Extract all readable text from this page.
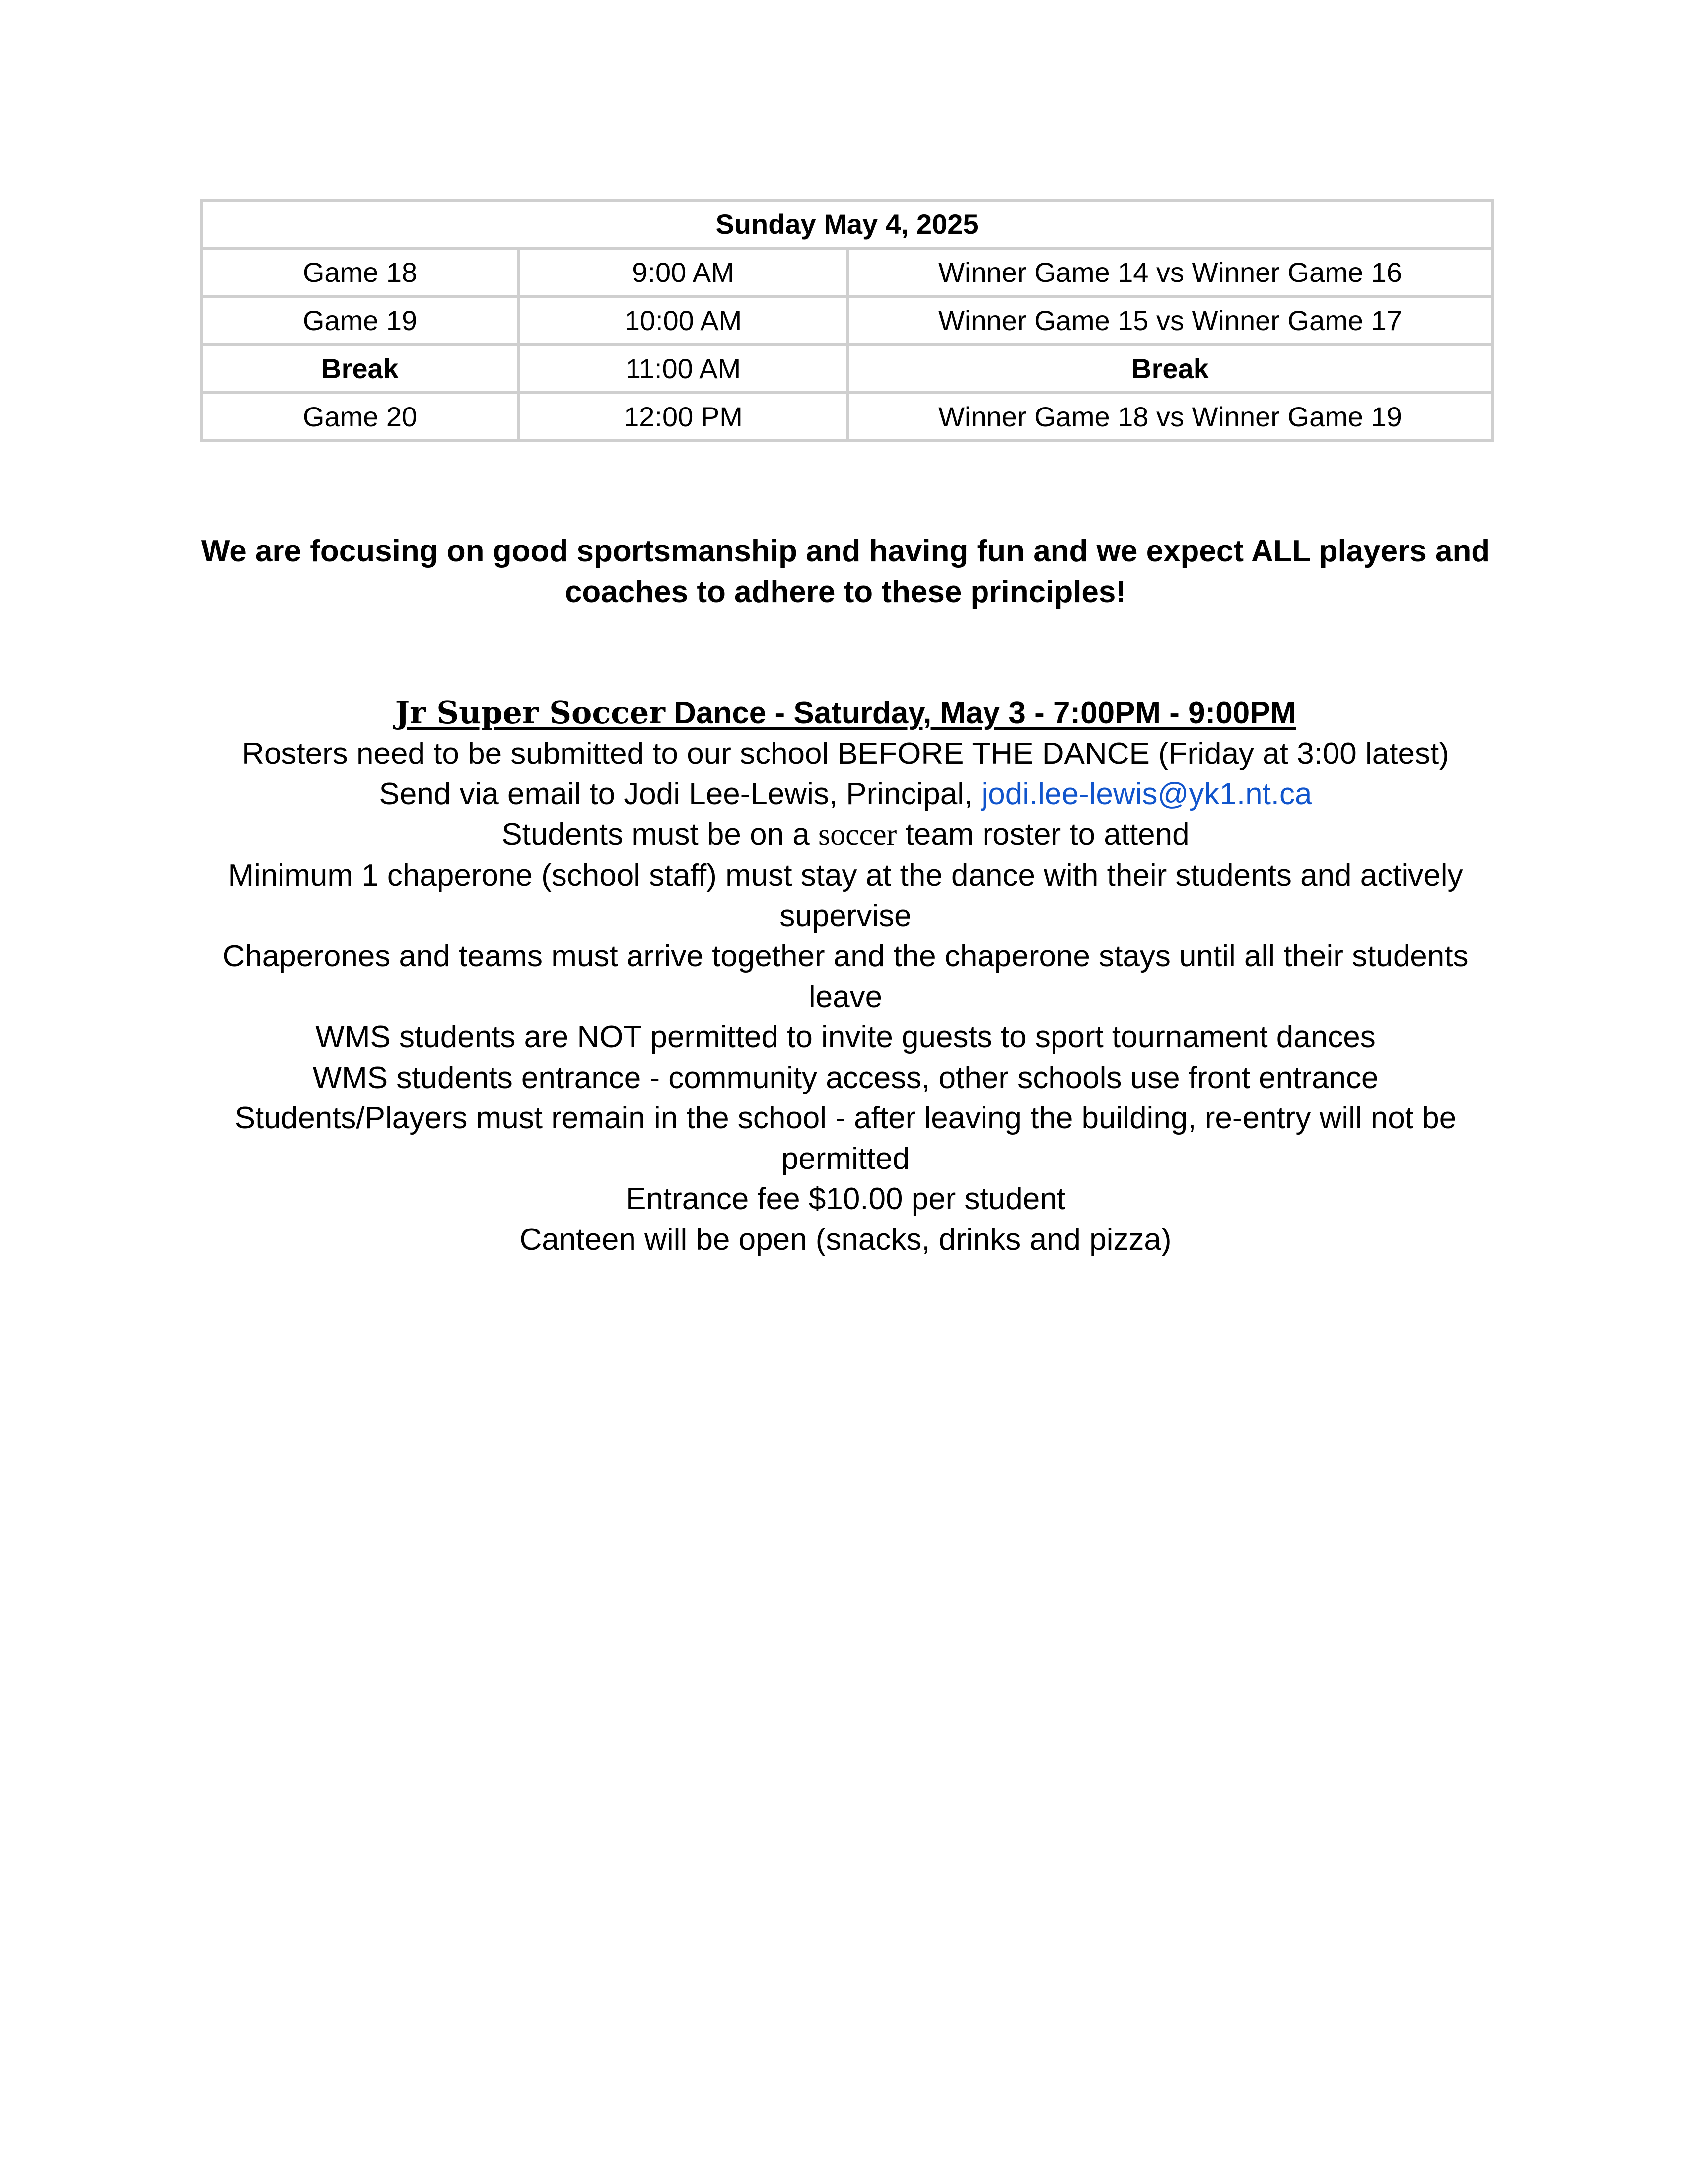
Sunday May 4, 2025		
Game 18	9:00 AM	Winner Game 14 vs Winner Game 16
Game 19	10:00 AM	Winner Game 15 vs Winner Game 17
Break	11:00 AM	Break
Game 20	12:00 PM	Winner Game 18 vs Winner Game 19
We are focusing on good sportsmanship and having fun and we expect ALL players and
coaches to adhere to these principles!
Jr Super Soccer Dance - Saturday, May 3 - 7:00PM - 9:00PM
Rosters need to be submitted to our school BEFORE THE DANCE (Friday at 3:00 latest)
Send via email to Jodi Lee-Lewis, Principal, jodi.lee-lewis@yk1.nt.ca
Students must be on a soccer team roster to attend
Minimum 1 chaperone (school staff) must stay at the dance with their students and actively
supervise
Chaperones and teams must arrive together and the chaperone stays until all their students
leave
WMS students are NOT permitted to invite guests to sport tournament dances
WMS students entrance - community access, other schools use front entrance
Students/Players must remain in the school - after leaving the building, re-entry will not be
permitted
Entrance fee $10.00 per student
Canteen will be open (snacks, drinks and pizza)
